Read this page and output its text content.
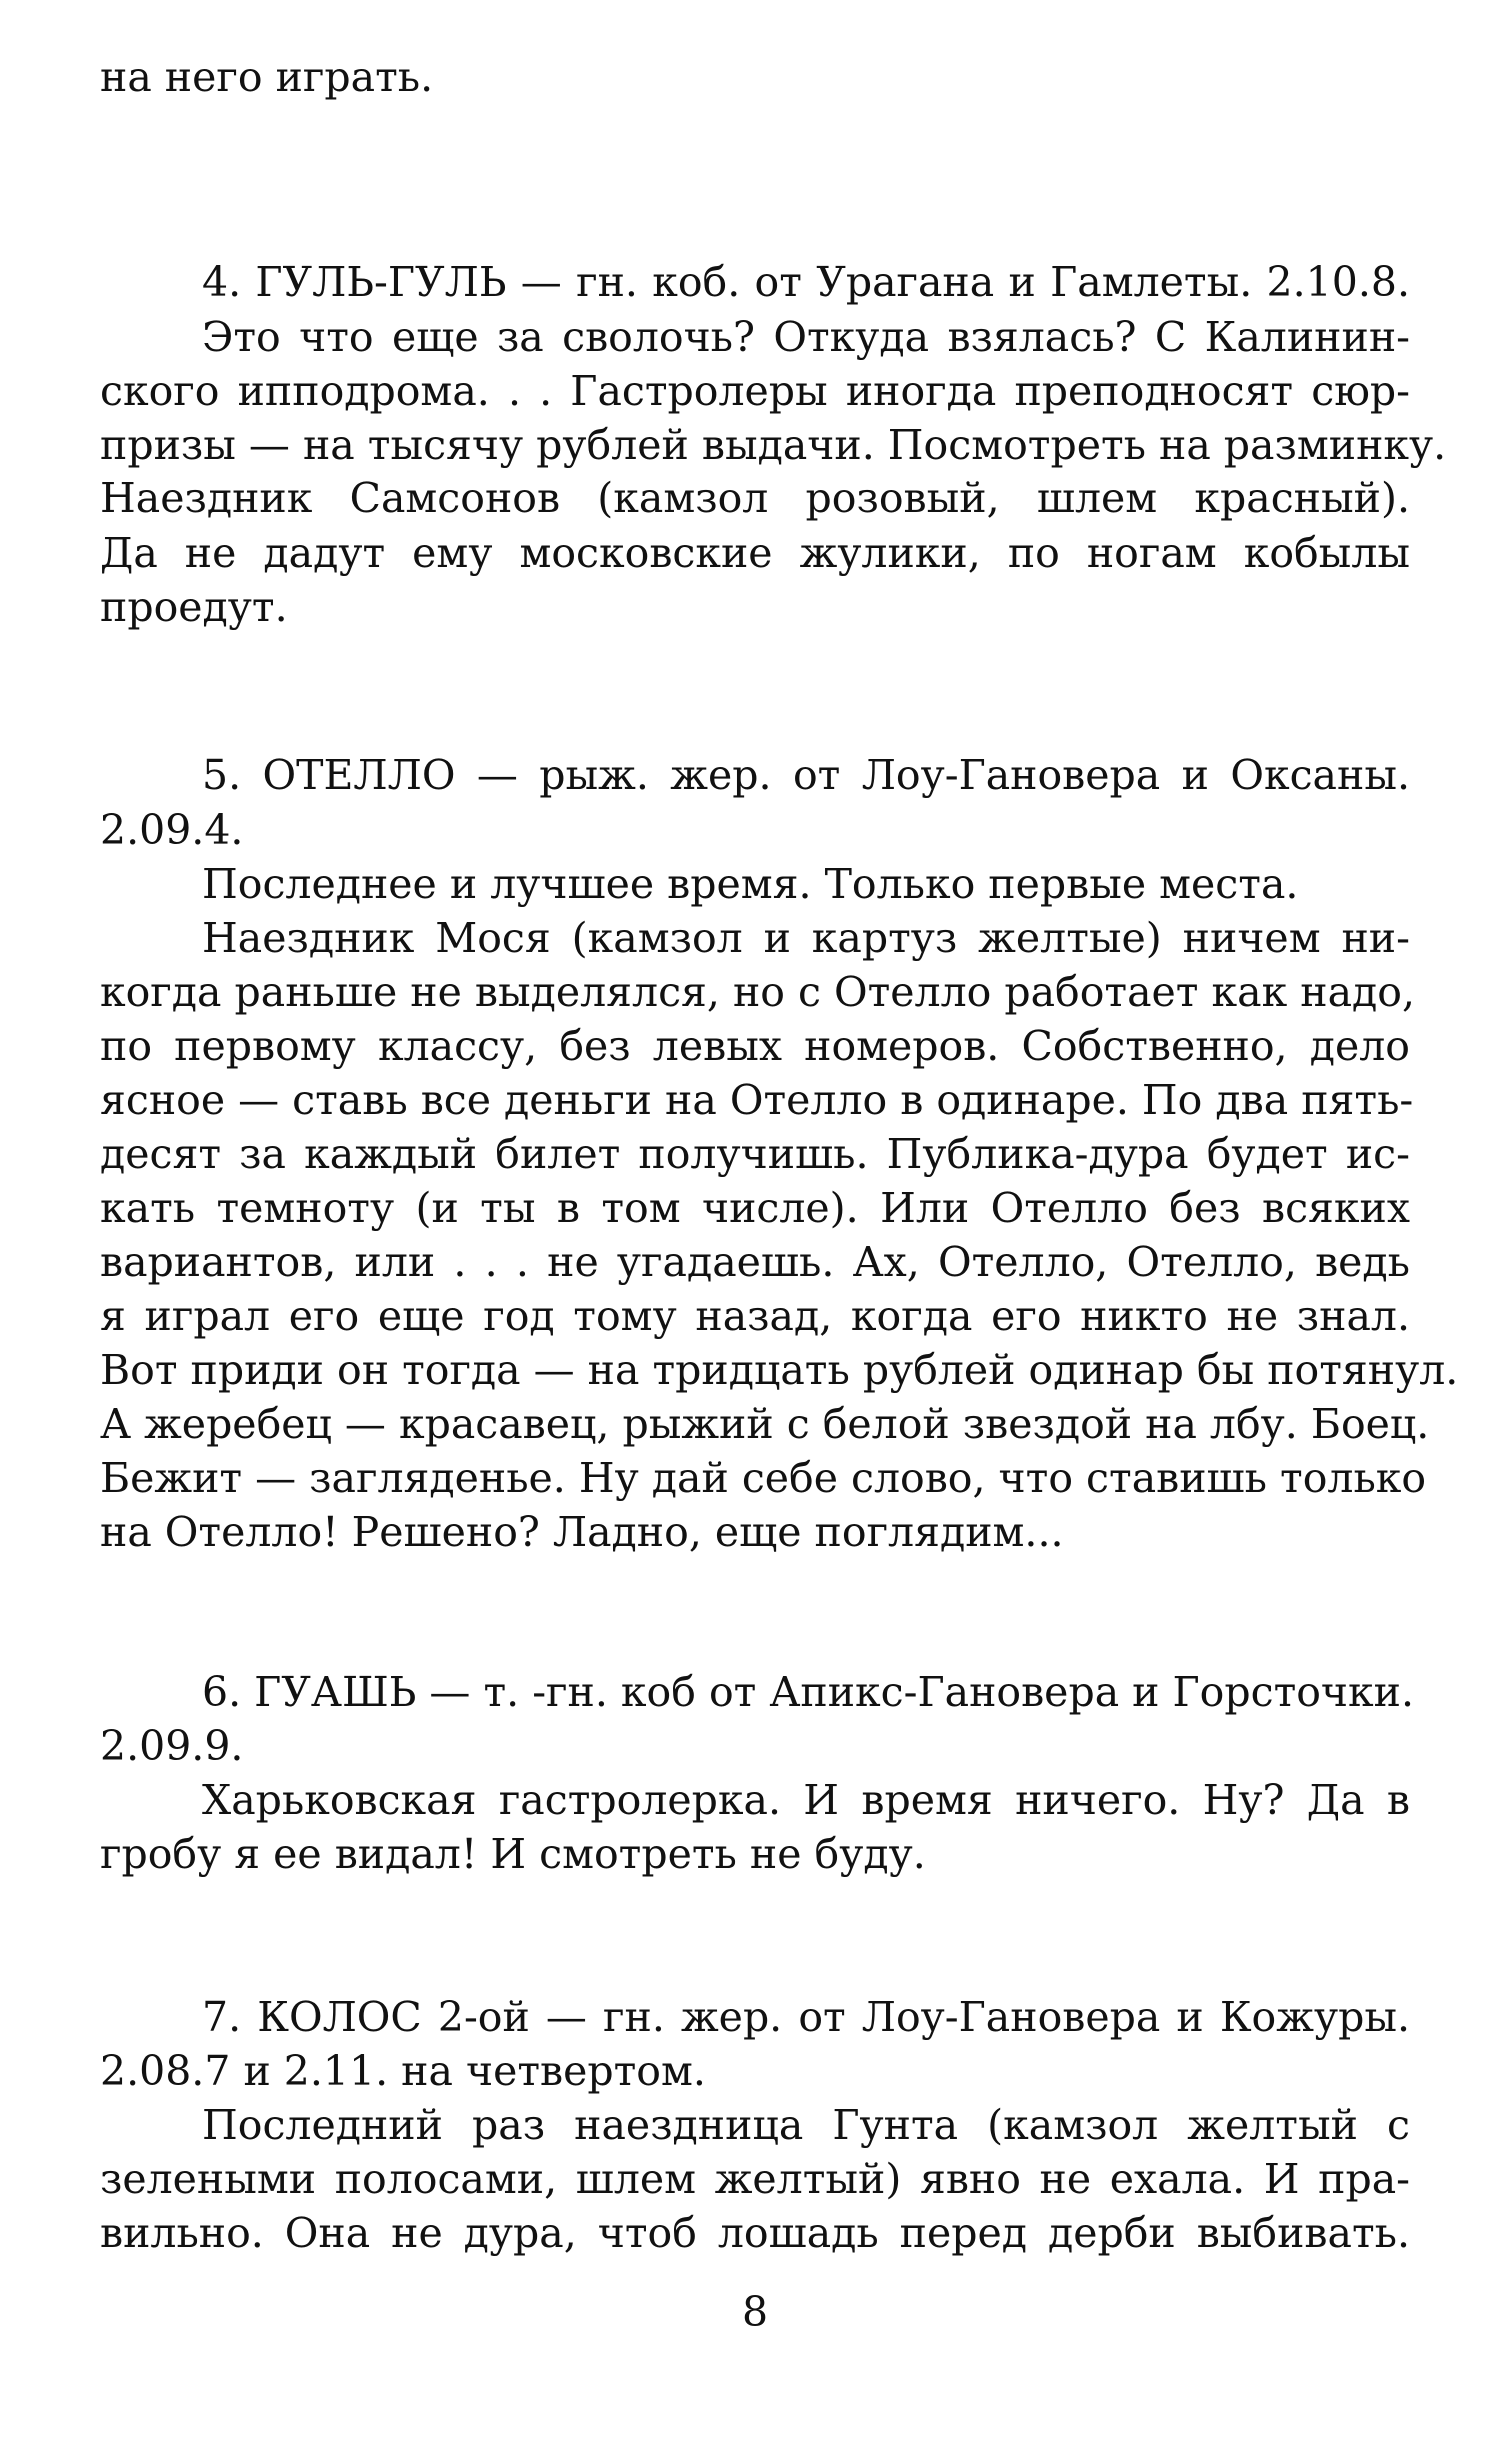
на него играть.
4. ГУЛЬ-ГУЛЬ — гн. коб. от Урагана и Гамлеты. 2.10.8.
Это что еще за сволочь? Откуда взялась? С Калинин-
ского ипподрома. . . Гастролеры иногда преподносят сюр-
призы — на тысячу рублей выдачи. Посмотреть на разминку.
Наездник Самсонов (камзол розовый, шлем красный).
Да не дадут ему московские жулики, по ногам кобылы
проедут.
5. ОТЕЛЛО — рыж. жер. от Лоу-Гановера и Оксаны.
2.09.4.
Последнее и лучшее время. Только первые места.
Наездник Мося (камзол и картуз желтые) ничем ни-
когда раньше не выделялся, но с Отелло работает как надо,
по первому классу, без левых номеров. Собственно, дело
ясное — ставь все деньги на Отелло в одинаре. По два пять-
десят за каждый билет получишь. Публика-дура будет ис-
кать темноту (и ты в том числе). Или Отелло без всяких
вариантов, или . . . не угадаешь. Ах, Отелло, Отелло, ведь
я играл его еще год тому назад, когда его никто не знал.
Вот приди он тогда — на тридцать рублей одинар бы потянул.
А жеребец — красавец, рыжий с белой звездой на лбу. Боец.
Бежит — загляденье. Ну дай себе слово, что ставишь только
на Отелло! Решено? Ладно, еще поглядим...
6. ГУАШЬ — т. -гн. коб от Апикс-Гановера и Горсточки.
2.09.9.
Харьковская гастролерка. И время ничего. Ну? Да в
гробу я ее видал! И смотреть не буду.
7. КОЛОС 2-ой — гн. жер. от Лоу-Гановера и Кожуры.
2.08.7 и 2.11. на четвертом.
Последний раз наездница Гунта (камзол желтый с
зелеными полосами, шлем желтый) явно не ехала. И пра-
вильно. Она не дура, чтоб лошадь перед дерби выбивать.
8
